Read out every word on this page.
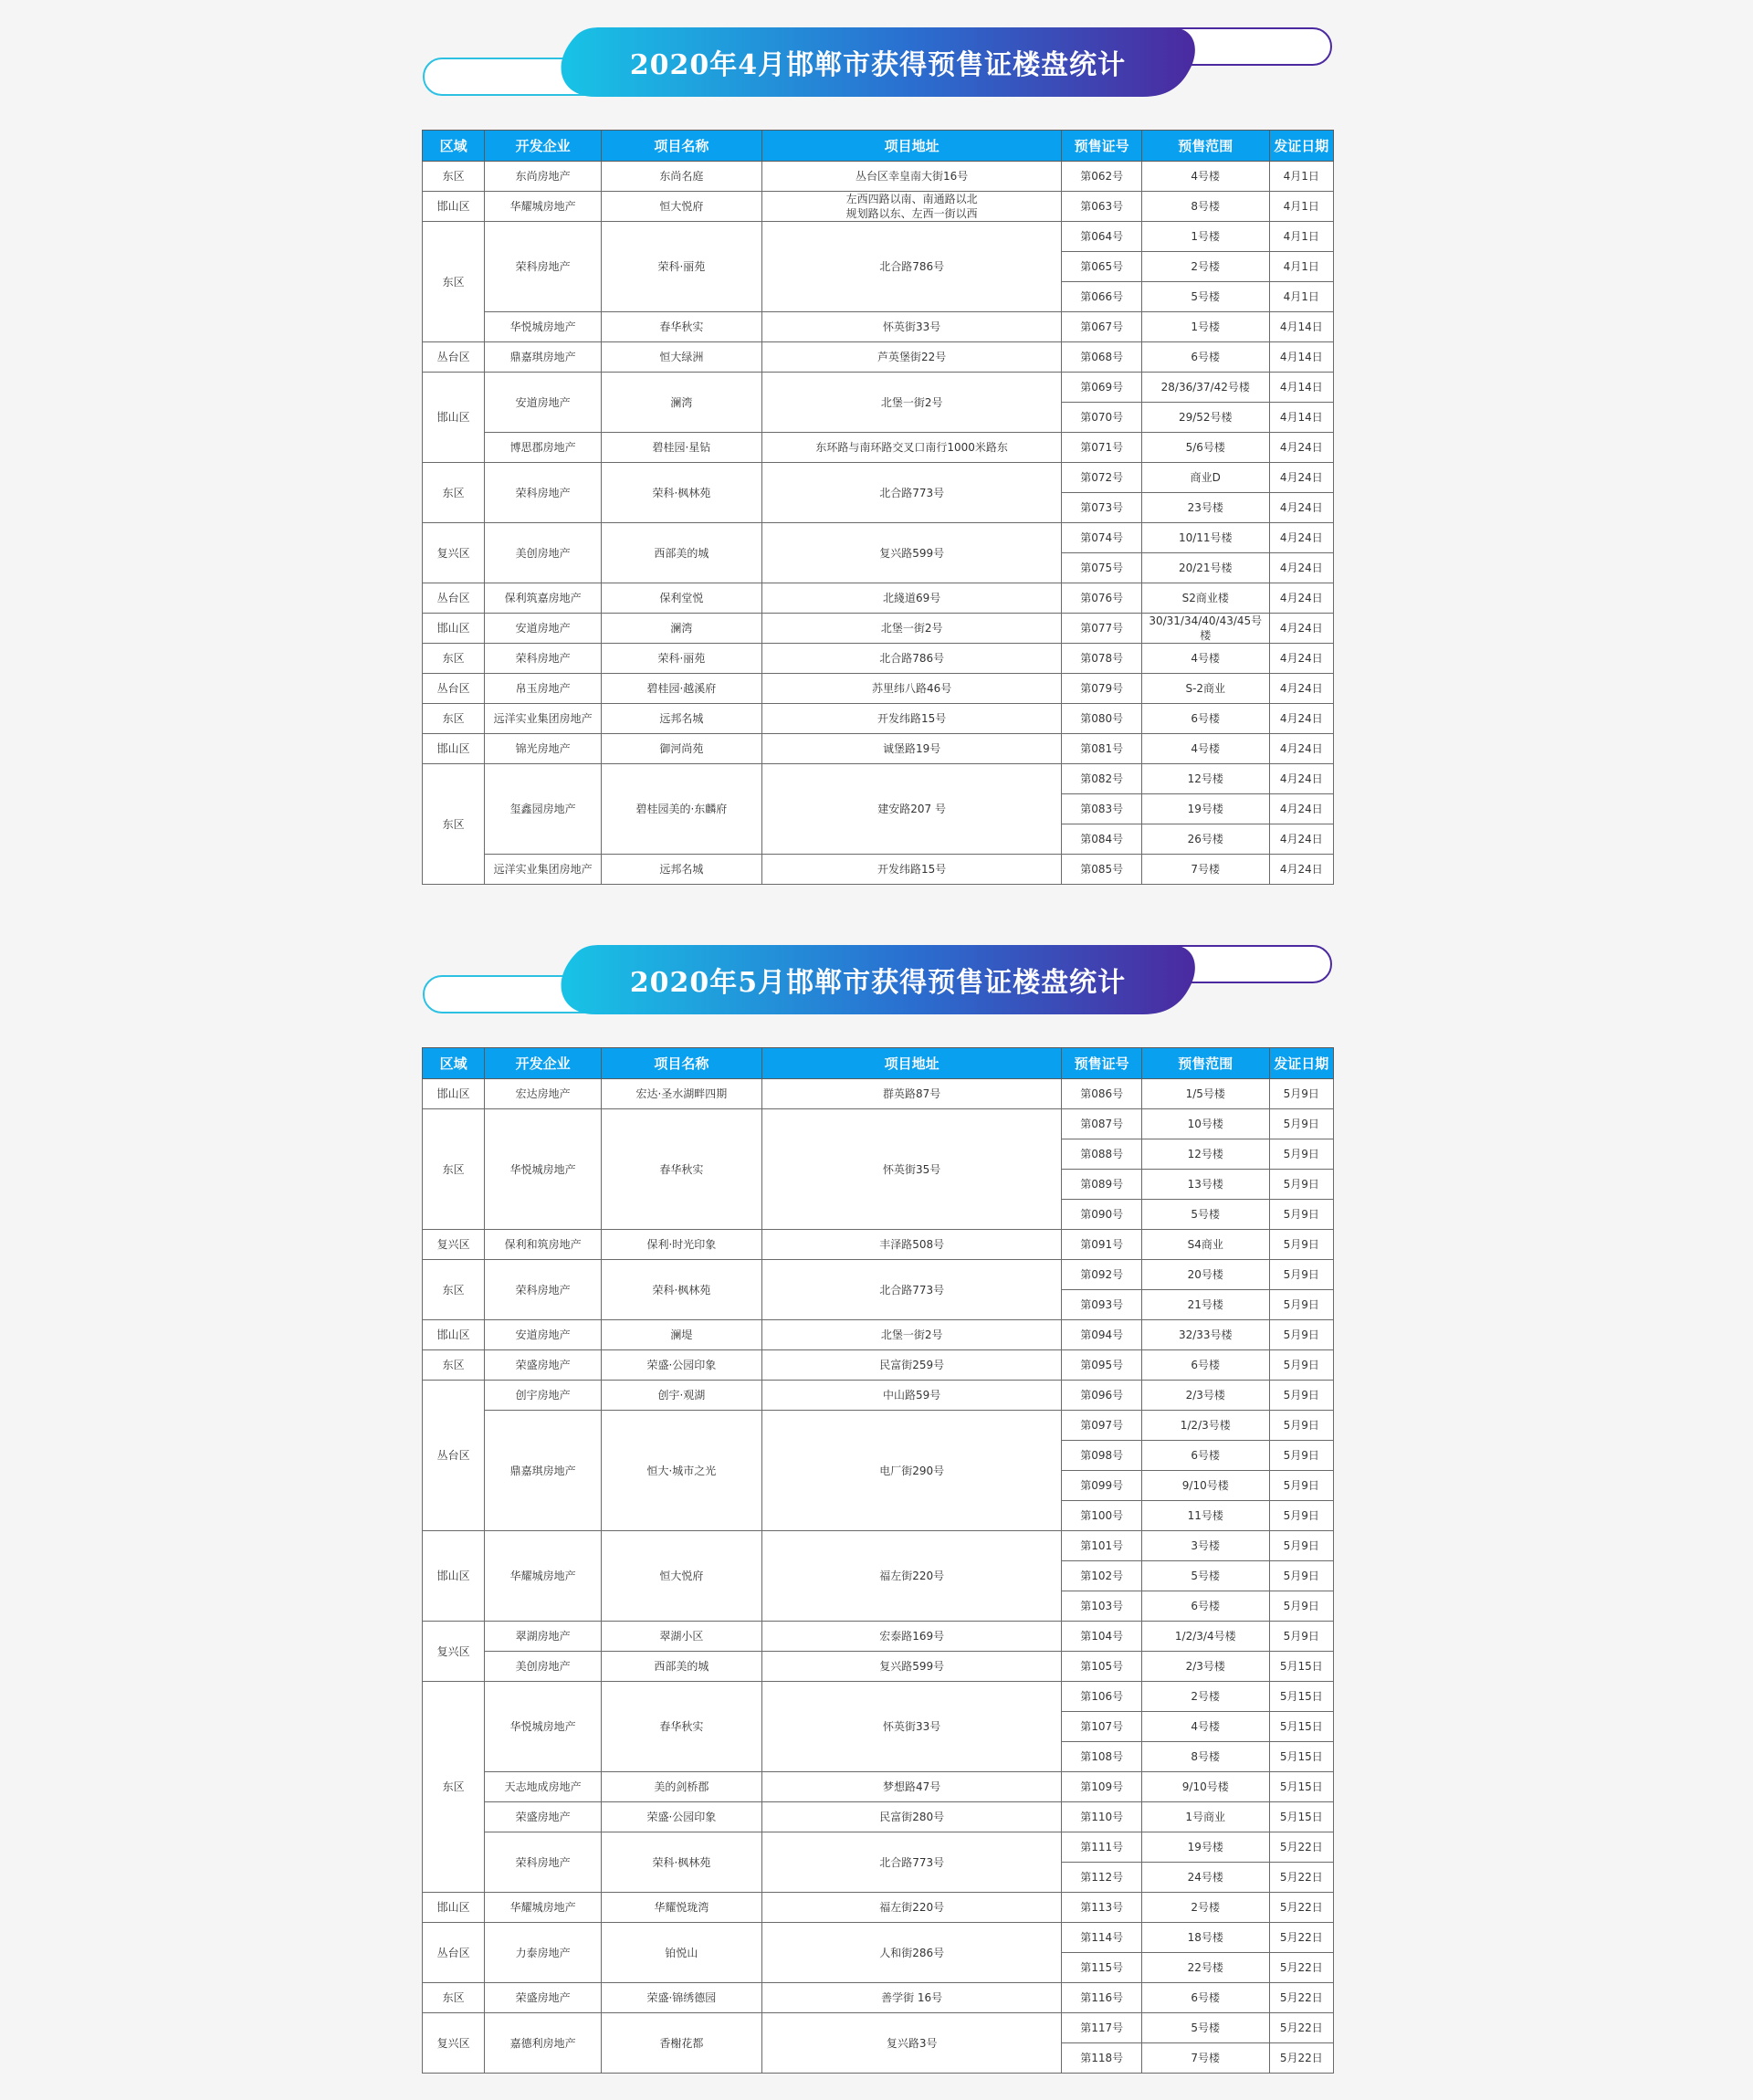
2020年4月邯郸市获得预售证楼盘统计
区域	开发企业	项目名称	项目地址	预售证号	预售范围	发证日期
东区	东尚房地产	东尚名庭	丛台区幸皇南大街16号	第062号	4号楼	4月1日
邯山区	华耀城房地产	恒大悦府	左西四路以南、南通路以北
规划路以东、左西一街以西	第063号	8号楼	4月1日
东区	荣科房地产	荣科·丽苑	北合路786号	第064号	1号楼	4月1日
				第065号	2号楼	4月1日
				第066号	5号楼	4月1日
	华悦城房地产	春华秋实	怀英街33号	第067号	1号楼	4月14日
丛台区	鼎嘉琪房地产	恒大绿洲	芦英堡街22号	第068号	6号楼	4月14日
邯山区	安道房地产	澜湾	北堡一街2号	第069号	28/36/37/42号楼	4月14日
				第070号	29/52号楼	4月14日
	博思郡房地产	碧桂园·星钻	东环路与南环路交叉口南行1000米路东	第071号	5/6号楼	4月24日
东区	荣科房地产	荣科·枫林苑	北合路773号	第072号	商业D	4月24日
				第073号	23号楼	4月24日
复兴区	美创房地产	西部美的城	复兴路599号	第074号	10/11号楼	4月24日
				第075号	20/21号楼	4月24日
丛台区	保利筑嘉房地产	保利堂悦	北綫道69号	第076号	S2商业楼	4月24日
邯山区	安道房地产	澜湾	北堡一街2号	第077号	30/31/34/40/43/45号楼	4月24日
东区	荣科房地产	荣科·丽苑	北合路786号	第078号	4号楼	4月24日
丛台区	帛玉房地产	碧桂园·越溪府	苏里纬八路46号	第079号	S-2商业	4月24日
东区	远洋实业集团房地产	远邦名城	开发纬路15号	第080号	6号楼	4月24日
邯山区	锦光房地产	御河尚苑	诚堡路19号	第081号	4号楼	4月24日
东区	玺鑫园房地产	碧桂园美的·东麟府	建安路207 号	第082号	12号楼	4月24日
				第083号	19号楼	4月24日
				第084号	26号楼	4月24日
	远洋实业集团房地产	远邦名城	开发纬路15号	第085号	7号楼	4月24日
2020年5月邯郸市获得预售证楼盘统计
区域	开发企业	项目名称	项目地址	预售证号	预售范围	发证日期
邯山区	宏达房地产	宏达·圣水湖畔四期	群英路87号	第086号	1/5号楼	5月9日
东区	华悦城房地产	春华秋实	怀英街35号	第087号	10号楼	5月9日
				第088号	12号楼	5月9日
				第089号	13号楼	5月9日
				第090号	5号楼	5月9日
复兴区	保利和筑房地产	保利·时光印象	丰泽路508号	第091号	S4商业	5月9日
东区	荣科房地产	荣科·枫林苑	北合路773号	第092号	20号楼	5月9日
				第093号	21号楼	5月9日
邯山区	安道房地产	澜堤	北堡一街2号	第094号	32/33号楼	5月9日
东区	荣盛房地产	荣盛·公园印象	民富街259号	第095号	6号楼	5月9日
丛台区	创宇房地产	创宇·观湖	中山路59号	第096号	2/3号楼	5月9日
	鼎嘉琪房地产	恒大·城市之光	电厂街290号	第097号	1/2/3号楼	5月9日
				第098号	6号楼	5月9日
				第099号	9/10号楼	5月9日
				第100号	11号楼	5月9日
邯山区	华耀城房地产	恒大悦府	福左街220号	第101号	3号楼	5月9日
				第102号	5号楼	5月9日
				第103号	6号楼	5月9日
复兴区	翠湖房地产	翠湖小区	宏泰路169号	第104号	1/2/3/4号楼	5月9日
	美创房地产	西部美的城	复兴路599号	第105号	2/3号楼	5月15日
东区	华悦城房地产	春华秋实	怀英街33号	第106号	2号楼	5月15日
				第107号	4号楼	5月15日
				第108号	8号楼	5月15日
	天志地成房地产	美的剑桥郡	梦想路47号	第109号	9/10号楼	5月15日
	荣盛房地产	荣盛·公园印象	民富街280号	第110号	1号商业	5月15日
	荣科房地产	荣科·枫林苑	北合路773号	第111号	19号楼	5月22日
				第112号	24号楼	5月22日
邯山区	华耀城房地产	华耀悦珑湾	福左街220号	第113号	2号楼	5月22日
丛台区	力泰房地产	铂悦山	人和街286号	第114号	18号楼	5月22日
				第115号	22号楼	5月22日
东区	荣盛房地产	荣盛·锦绣德园	善学街 16号	第116号	6号楼	5月22日
复兴区	嘉德利房地产	香榭花都	复兴路3号	第117号	5号楼	5月22日
				第118号	7号楼	5月22日
